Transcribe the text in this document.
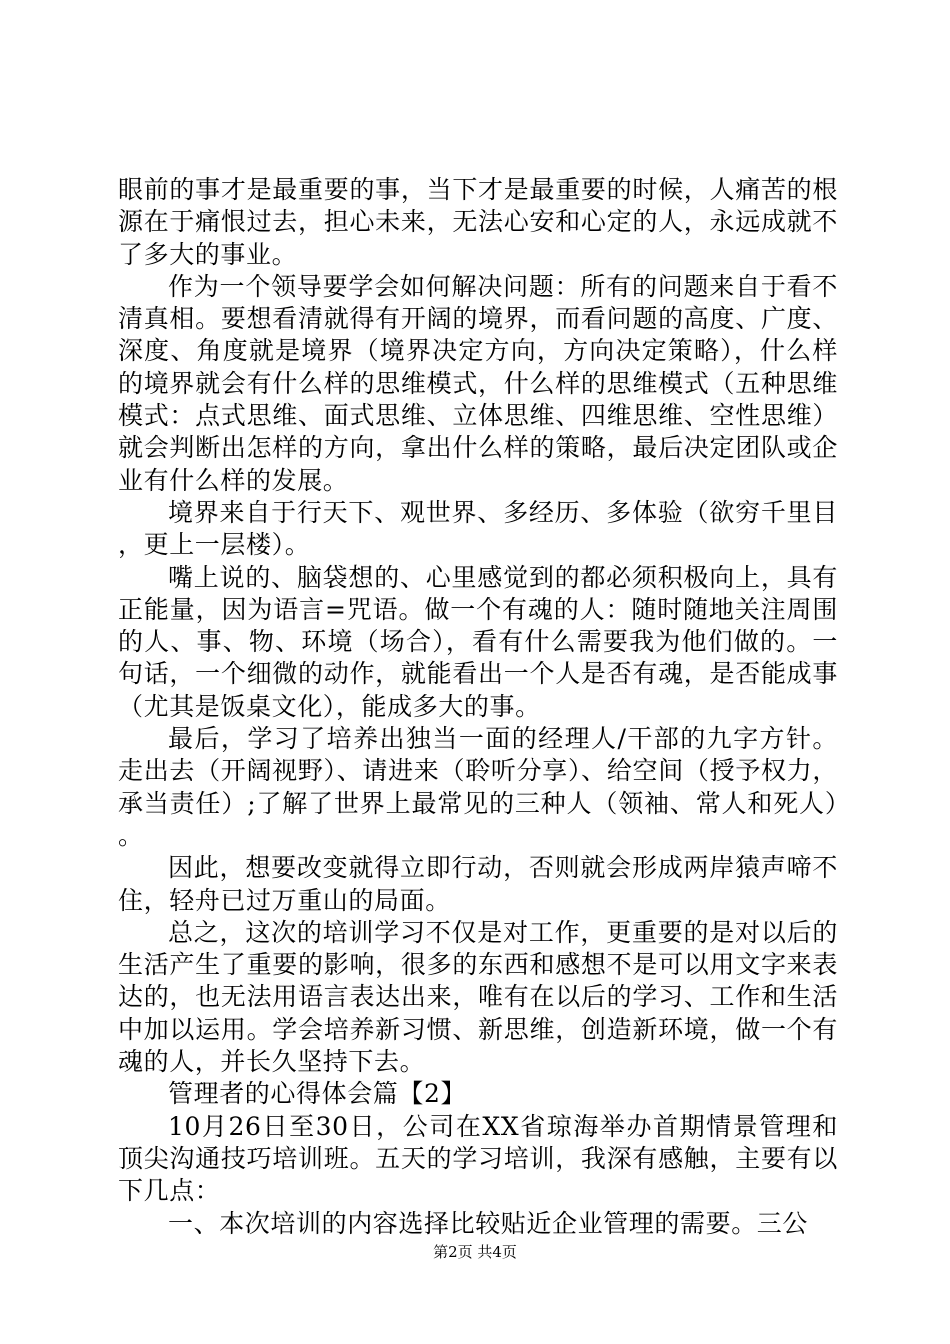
眼前的事才是最重要的事，当下才是最重要的时候，人痛苦的根源在于痛恨过去，担心未来，无法心安和心定的人，永远成就不了多大的事业。

作为一个领导要学会如何解决问题：所有的问题来自于看不清真相。要想看清就得有开阔的境界，而看问题的高度、广度、深度、角度就是境界（境界决定方向，方向决定策略），什么样的境界就会有什么样的思维模式，什么样的思维模式（五种思维模式：点式思维、面式思维、立体思维、四维思维、空性思维）就会判断出怎样的方向，拿出什么样的策略，最后决定团队或企业有什么样的发展。

境界来自于行天下、观世界、多经历、多体验（欲穷千里目，更上一层楼）。

嘴上说的、脑袋想的、心里感觉到的都必须积极向上，具有正能量，因为语言=咒语。做一个有魂的人：随时随地关注周围的人、事、物、环境（场合），看有什么需要我为他们做的。一句话，一个细微的动作，就能看出一个人是否有魂，是否能成事（尤其是饭桌文化），能成多大的事。

最后，学习了培养出独当一面的经理人/干部的九字方针。走出去（开阔视野）、请进来（聆听分享）、给空间（授予权力，承当责任）;了解了世界上最常见的三种人（领袖、常人和死人）。

因此，想要改变就得立即行动，否则就会形成两岸猿声啼不住，轻舟已过万重山的局面。

总之，这次的培训学习不仅是对工作，更重要的是对以后的生活产生了重要的影响，很多的东西和感想不是可以用文字来表达的，也无法用语言表达出来，唯有在以后的学习、工作和生活中加以运用。学会培养新习惯、新思维，创造新环境，做一个有魂的人，并长久坚持下去。

管理者的心得体会篇【2】

10月26日至30日，公司在XX省琼海举办首期情景管理和顶尖沟通技巧培训班。五天的学习培训，我深有感触，主要有以下几点：

一、本次培训的内容选择比较贴近企业管理的需要。三公

第2页 共4页
